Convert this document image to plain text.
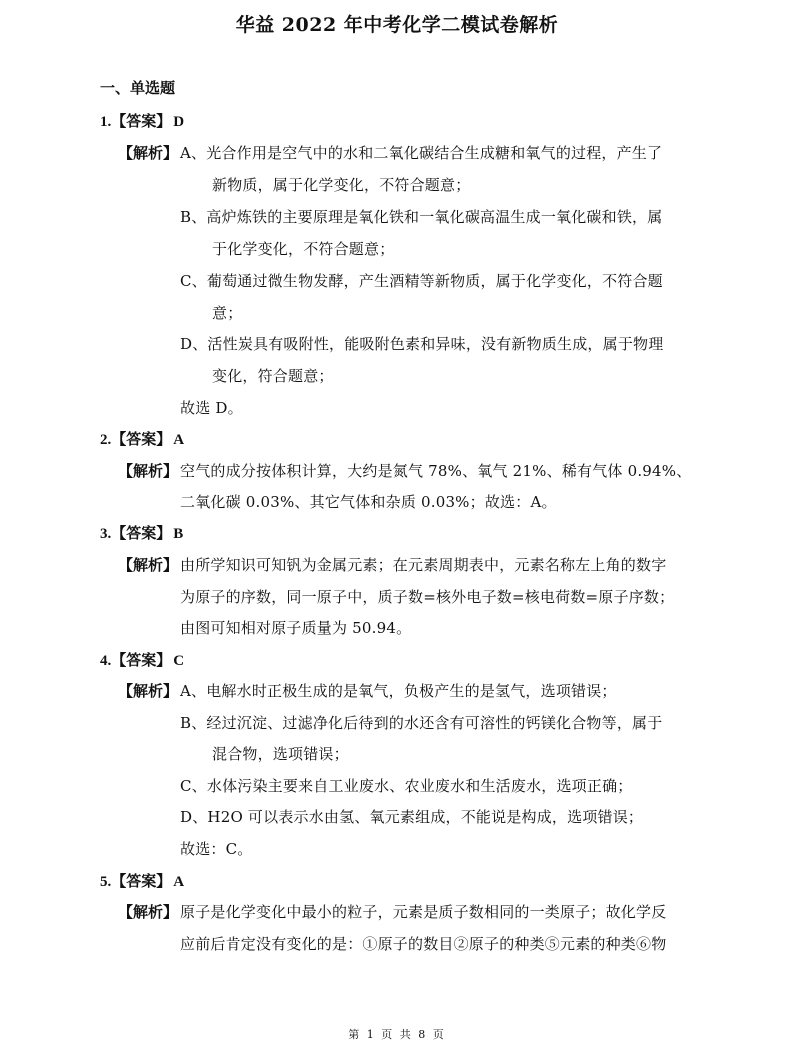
华益 2022 年中考化学二模试卷解析
一、单选题
1.【答案】 D
【解析】 A、光合作用是空气中的水和二氧化碳结合生成糖和氧气的过程，产生了
新物质，属于化学变化，不符合题意；
B、高炉炼铁的主要原理是氧化铁和一氧化碳高温生成一氧化碳和铁，属
于化学变化，不符合题意；
C、葡萄通过微生物发酵，产生酒精等新物质，属于化学变化，不符合题
意；
D、活性炭具有吸附性，能吸附色素和异味，没有新物质生成，属于物理
变化，符合题意；
故选 D。
2.【答案】 A
【解析】 空气的成分按体积计算，大约是氮气 78%、氧气 21%、稀有气体 0.94%、
二氧化碳 0.03%、其它气体和杂质 0.03%；故选：A。
3.【答案】 B
【解析】 由所学知识可知钒为金属元素；在元素周期表中，元素名称左上角的数字
为原子的序数，同一原子中，质子数=核外电子数=核电荷数=原子序数；
由图可知相对原子质量为 50.94。
4.【答案】 C
【解析】 A、电解水时正极生成的是氧气，负极产生的是氢气，选项错误；
B、经过沉淀、过滤净化后待到的水还含有可溶性的钙镁化合物等，属于
混合物，选项错误；
C、水体污染主要来自工业废水、农业废水和生活废水，选项正确；
D、H2O 可以表示水由氢、氧元素组成，不能说是构成，选项错误；
故选：C。
5.【答案】 A
【解析】 原子是化学变化中最小的粒子，元素是质子数相同的一类原子；故化学反
应前后肯定没有变化的是：①原子的数目②原子的种类⑤元素的种类⑥物
第 1 页 共 8 页
